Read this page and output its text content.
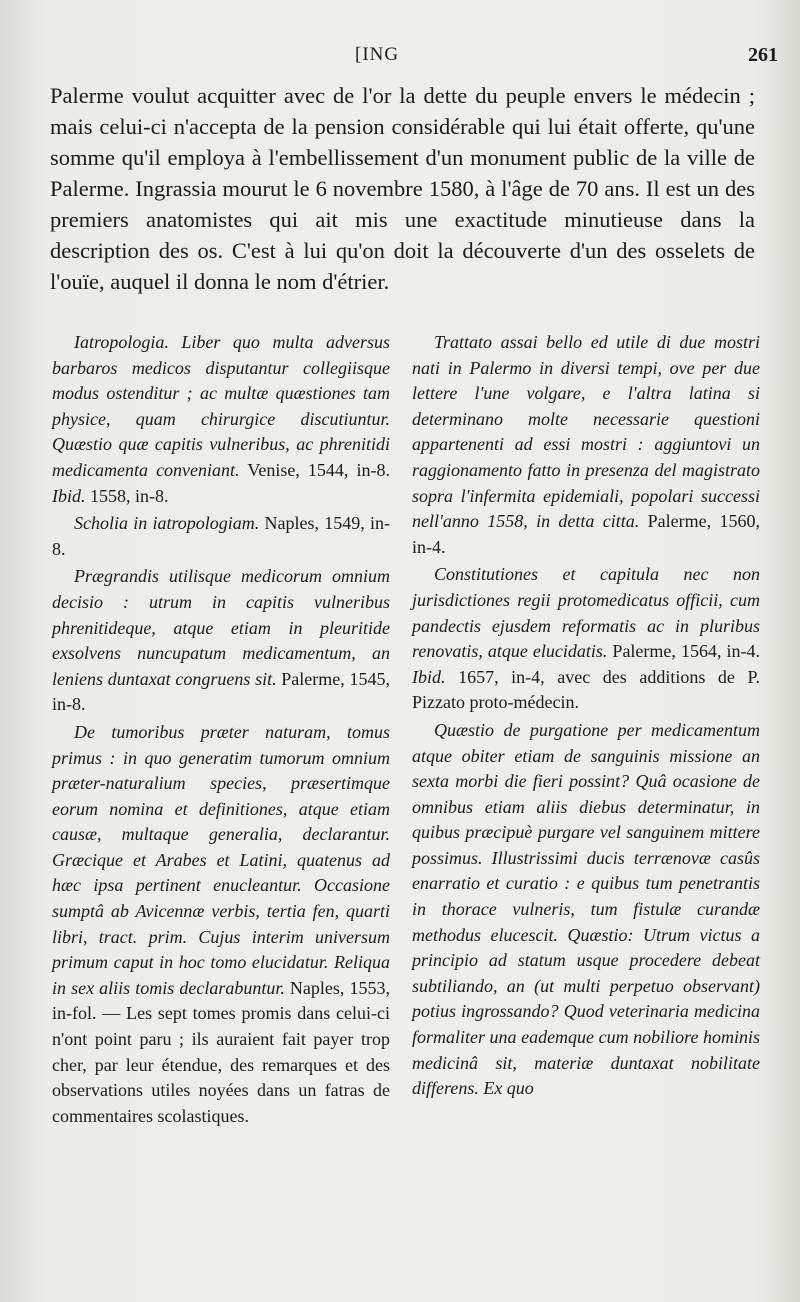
[ING	261
Palerme voulut acquitter avec de l'or la dette du peuple envers le médecin ; mais celui-ci n'accepta de la pension considérable qui lui était offerte, qu'une somme qu'il employa à l'embellissement d'un monument public de la ville de Palerme. Ingrassia mourut le 6 novembre 1580, à l'âge de 70 ans. Il est un des premiers anatomistes qui ait mis une exactitude minutieuse dans la description des os. C'est à lui qu'on doit la découverte d'un des osselets de l'ouïe, auquel il donna le nom d'étrier.

Iatropologia. Liber quo multa adversus barbaros medicos disputantur collegiisque modus ostenditur ; ac multæ quæstiones tam physice, quam chirurgice discutiuntur. Quæstio quæ capitis vulneribus, ac phrenitidi medicamenta conveniant. Venise, 1544, in-8. Ibid. 1558, in-8.

Scholia in iatropologiam. Naples, 1549, in-8.

Prægrandis utilisque medicorum omnium decisio : utrum in capitis vulneribus phrenitideque, atque etiam in pleuritide exsolvens nuncupatum medicamentum, an leniens duntaxat congruens sit. Palerme, 1545, in-8.

De tumoribus præter naturam, tomus primus : in quo generatim tumorum omnium præter-naturalium species, præsertimque eorum nomina et definitiones, atque etiam causæ, multaque generalia, declarantur. Græcique et Arabes et Latini, quatenus ad hæc ipsa pertinent enucleantur. Occasione sumptâ ab Avicennæ verbis, tertia fen, quarti libri, tract. prim. Cujus interim universum primum caput in hoc tomo elucidatur. Reliqua in sex aliis tomis declarabuntur. Naples, 1553, in-fol. — Les sept tomes promis dans celui-ci n'ont point paru ; ils auraient fait payer trop cher, par leur étendue, des remarques et des observations utiles noyées dans un fatras de commentaires scolastiques.

Trattato assai bello ed utile di due mostri nati in Palermo in diversi tempi, ove per due lettere l'une volgare, e l'altra latina si determinano molte necessarie questioni appartenenti ad essi mostri : aggiuntovi un raggionamento fatto in presenza del magistrato sopra l'infermita epidemiali, popolari successi nell'anno 1558, in detta citta. Palerme, 1560, in-4.

Constitutiones et capitula nec non jurisdictiones regii protomedicatus officii, cum pandectis ejusdem reformatis ac in pluribus renovatis, atque elucidatis. Palerme, 1564, in-4. Ibid. 1657, in-4, avec des additions de P. Pizzato proto-médecin.

Quæstio de purgatione per medicamentum atque obiter etiam de sanguinis missione an sexta morbi die fieri possint? Quâ ocasione de omnibus etiam aliis diebus determinatur, in quibus præcipuè purgare vel sanguinem mittere possimus. Illustrissimi ducis terrænovæ casûs enarratio et curatio : e quibus tum penetrantis in thorace vulneris, tum fistulæ curandæ methodus elucescit. Quæstio: Utrum victus a principio ad statum usque procedere debeat subtiliando, an (ut multi perpetuo observant) potius ingrossando? Quod veterinaria medicina formaliter una eademque cum nobiliore hominis medicinâ sit, materiæ duntaxat nobilitate differens. Ex quo
